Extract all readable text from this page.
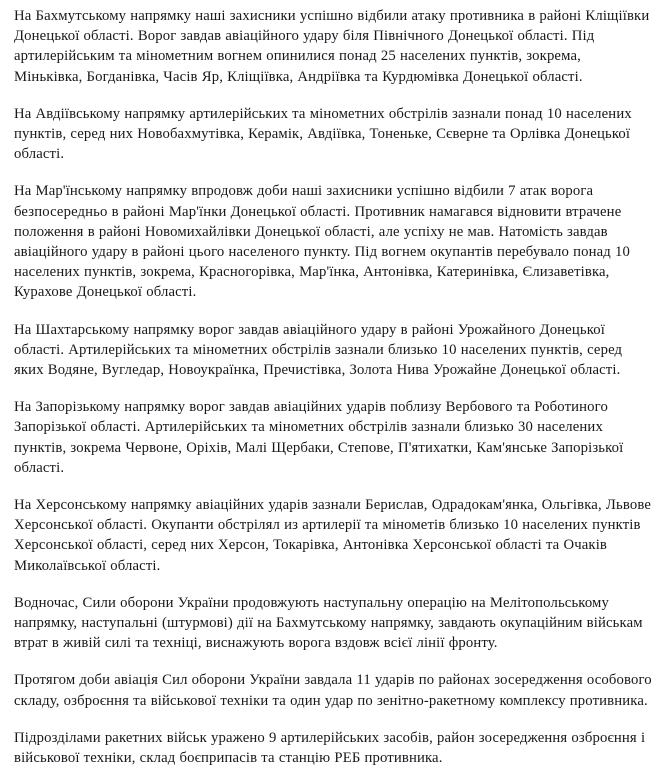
На Бахмутському напрямку наші захисники успішно відбили атаку противника в районі Кліщіївки Донецької області. Ворог завдав авіаційного удару біля Північного Донецької області. Під артилерійським та мінометним вогнем опинилися понад 25 населених пунктів, зокрема, Міньківка, Богданівка, Часів Яр, Кліщіївка, Андріївка та Курдюмівка Донецької області.

На Авдіївському напрямку артилерійських та мінометних обстрілів зазнали понад 10 населених пунктів, серед них Новобахмутівка, Керамік, Авдіївка, Тоненьке, Сєверне та Орлівка Донецької області.

На Мар'їнському напрямку впродовж доби наші захисники успішно відбили 7 атак ворога безпосередньо в районі Мар'їнки Донецької області. Противник намагався відновити втрачене положення в районі Новомихайлівки Донецької області, але успіху не мав. Натомість завдав авіаційного удару в районі цього населеного пункту. Під вогнем окупантів перебувало понад 10 населених пунктів, зокрема, Красногорівка, Мар'їнка, Антонівка, Катеринівка, Єлизаветівка, Курахове Донецької області.

На Шахтарському напрямку ворог завдав авіаційного удару в районі Урожайного Донецької області. Артилерійських та мінометних обстрілів зазнали близько 10 населених пунктів, серед яких Водяне, Вугледар, Новоукраїнка, Пречистівка, Золота Нива Урожайне Донецької області.

На Запорізькому напрямку ворог завдав авіаційних ударів поблизу Вербового та Роботиного Запорізької області. Артилерійських та мінометних обстрілів зазнали близько 30 населених пунктів, зокрема Червоне, Оріхів, Малі Щербаки, Степове, П'ятихатки, Кам'янське Запорізької області.

На Херсонському напрямку авіаційних ударів зазнали Берислав, Одрадокам'янка, Ольгівка, Львове Херсонської області. Окупанти обстрілял из артилерії та мінометів близько 10 населених пунктів Херсонської області, серед них Херсон, Токарівка, Антонівка Херсонської області та Очаків Миколаївської області.

Водночас, Сили оборони України продовжують наступальну операцію на Мелітопольському напрямку, наступальні (штурмові) дії на Бахмутському напрямку, завдають окупаційним військам втрат в живій силі та техніці, виснажують ворога вздовж всієї лінії фронту.

Протягом доби авіація Сил оборони України завдала 11 ударів по районах зосередження особового складу, озброєння та військової техніки та один удар по зенітно-ракетному комплексу противника.

Підрозділами ракетних військ уражено 9 артилерійських засобів, район зосередження озброєння і військової техніки, склад боєприпасів та станцію РЕБ противника.
